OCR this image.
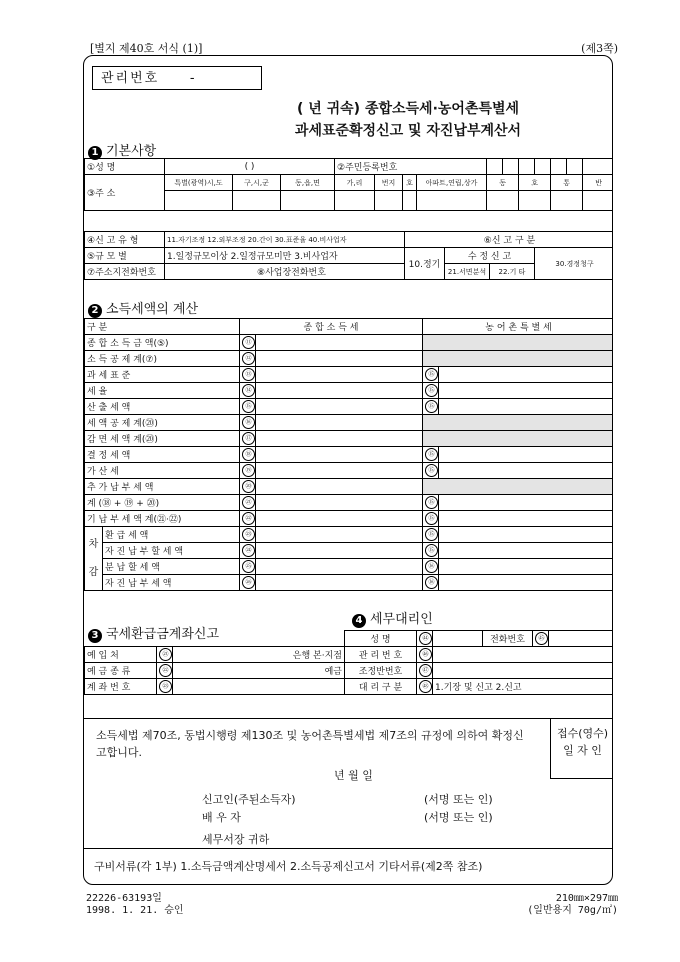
[별지 제40호 서식 (1)]	(제3쪽)
관리번호 -
( 년 귀속) 종합소득세·농어촌특별세
과세표준확정신고 및 자진납부계산서
1 기본사항
①성 명	( )			②주민등록번호										
③주 소	특별(광역)시,도	구,시,군	동,읍,면	가,리	번지	호	아파트,연립,상가	동		호		통		반

④신 고 유 형	11.자기조정 12.외부조정 20.간이 30.표준율 40.비사업자	⑥신 고 구 분			
⑤규 모 별	1.일정규모이상 2.일정규모미만 3.비사업자	10.정기	수 정 신 고		30.경정청구
⑦주소지전화번호	⑧사업장전화번호		21.서면분석	22.기 타	
2 소득세액의 계산
구 분		종 합 소 득 세		농 어 촌 특 별 세	
종 합 소 득 금 액(⑤)		⑪			
소 득 공 제 계(⑦)		⑫			
과 세 표 준		⑬		⑮	
세 율		⑭		⑮	
산 출 세 액		⑮		⑮	
세 액 공 제 계(⑳)		⑯			
감 면 세 액 계(⑳)		⑰			
결 정 세 액		⑱		⑮	
가 산 세		⑲		⑮	
추 가 납 부 세 액		⑳			
계 (⑱ + ⑲ + ⑳)		㉑		⑮	
기 납 부 세 액 계(㉑·㉒)		㉒		⑮	
차감	환 급 세 액	㉓		⑮	
	자 진 납 부 할 세 액	㉔		⑮	
	분 납 할 세 액	㉕		⑯	
	자 진 납 부 세 액	㉖		⑯	
3 국세환급금계좌신고
4 세무대리인
			성 명	㊹		전화번호	㊺	
예 입 처	㉑	은행 본·지점	관 리 번 호	㊻				
예 금 종 류	㉒	예금	조정반번호	㊼				
계 좌 번 호	㉓		대 리 구 분	㊽	1.기장 및 신고 2.신고			
소득세법 제70조, 동법시행령 제130조 및 농어촌특별세법 제7조의 규정에 의하여 확정신고합니다.
접수(영수) 일 자 인
년 월 일
신고인(주된소득자)	(서명 또는 인)
배 우 자	(서명 또는 인)
세무서장 귀하
구비서류(각 1부) 1.소득금액계산명세서 2.소득공제신고서 기타서류(제2쪽 참조)
22226-63193일
1998. 1. 21. 승인
210㎜×297㎜
(일반용지 70g/㎡)
